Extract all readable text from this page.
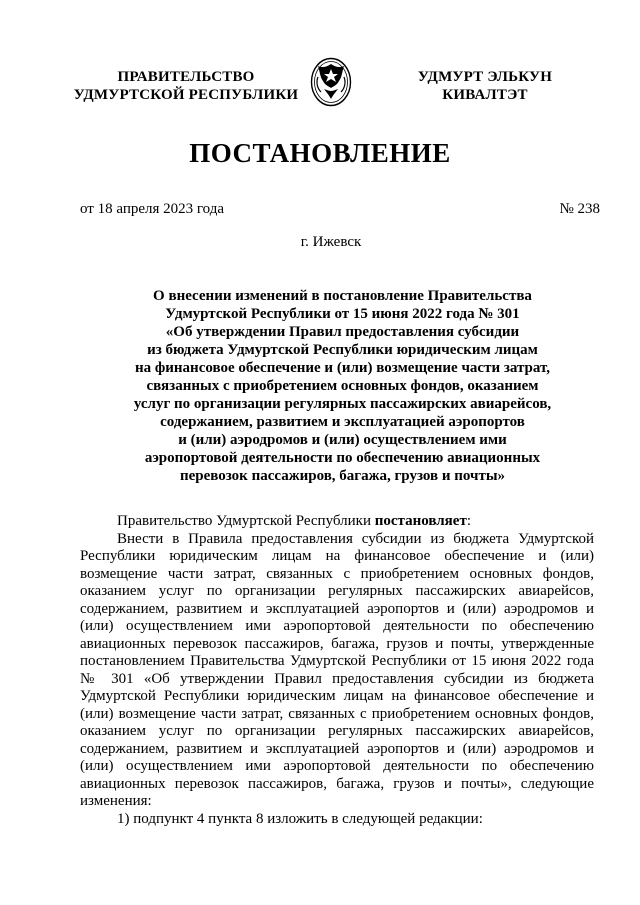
ПРАВИТЕЛЬСТВО
УДМУРТСКОЙ РЕСПУБЛИКИ
УДМУРТ ЭЛЬКУН
КИВАЛТЭТ
ПОСТАНОВЛЕНИЕ
от 18 апреля 2023 года	№ 238
г. Ижевск
О внесении изменений в постановление Правительства
Удмуртской Республики от 15 июня 2022 года № 301
«Об утверждении Правил предоставления субсидии
из бюджета Удмуртской Республики юридическим лицам
на финансовое обеспечение и (или) возмещение части затрат,
связанных с приобретением основных фондов, оказанием
услуг по организации регулярных пассажирских авиарейсов,
содержанием, развитием и эксплуатацией аэропортов
и (или) аэродромов и (или) осуществлением ими
аэропортовой деятельности по обеспечению авиационных
перевозок пассажиров, багажа, грузов и почты»

Правительство Удмуртской Республики постановляет:

Внести в Правила предоставления субсидии из бюджета Удмуртской
Республики юридическим лицам на финансовое обеспечение и (или)
возмещение части затрат, связанных с приобретением основных фондов,
оказанием услуг по организации регулярных пассажирских авиарейсов,
содержанием, развитием и эксплуатацией аэропортов и (или) аэродромов и
(или) осуществлением ими аэропортовой деятельности по обеспечению
авиационных перевозок пассажиров, багажа, грузов и почты, утвержденные
постановлением Правительства Удмуртской Республики от 15 июня 2022 года
№ 301 «Об утверждении Правил предоставления субсидии из бюджета
Удмуртской Республики юридическим лицам на финансовое обеспечение и
(или) возмещение части затрат, связанных с приобретением основных фондов,
оказанием услуг по организации регулярных пассажирских авиарейсов,
содержанием, развитием и эксплуатацией аэропортов и (или) аэродромов и
(или) осуществлением ими аэропортовой деятельности по обеспечению
авиационных перевозок пассажиров, багажа, грузов и почты», следующие
изменения:

1) подпункт 4 пункта 8 изложить в следующей редакции:
